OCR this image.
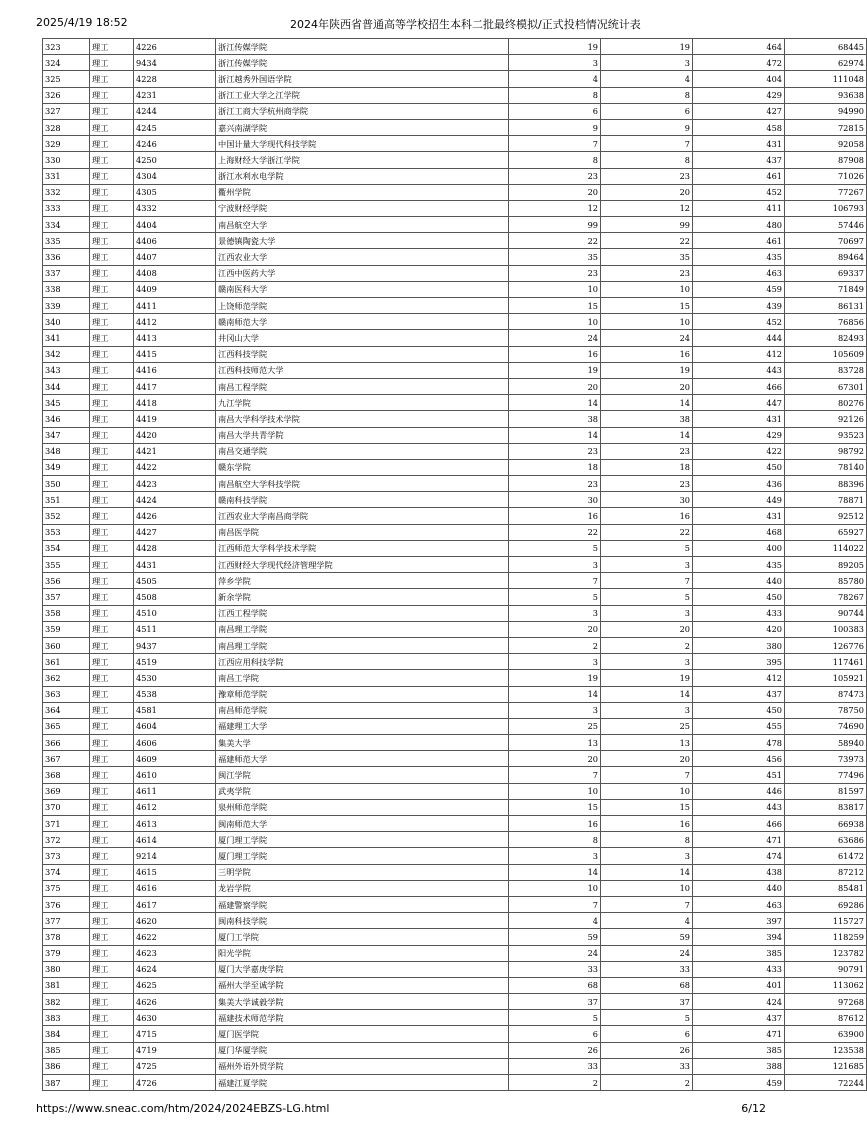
2025/4/19 18:52	2024年陕西省普通高等学校招生本科二批最终模拟/正式投档情况统计表
323	理工	4226	浙江传媒学院	19	19	464	68445
324	理工	9434	浙江传媒学院	3	3	472	62974
325	理工	4228	浙江越秀外国语学院	4	4	404	111048
326	理工	4231	浙江工业大学之江学院	8	8	429	93638
327	理工	4244	浙江工商大学杭州商学院	6	6	427	94990
328	理工	4245	嘉兴南湖学院	9	9	458	72815
329	理工	4246	中国计量大学现代科技学院	7	7	431	92058
330	理工	4250	上海财经大学浙江学院	8	8	437	87908
331	理工	4304	浙江水利水电学院	23	23	461	71026
332	理工	4305	衢州学院	20	20	452	77267
333	理工	4332	宁波财经学院	12	12	411	106793
334	理工	4404	南昌航空大学	99	99	480	57446
335	理工	4406	景德镇陶瓷大学	22	22	461	70697
336	理工	4407	江西农业大学	35	35	435	89464
337	理工	4408	江西中医药大学	23	23	463	69337
338	理工	4409	赣南医科大学	10	10	459	71849
339	理工	4411	上饶师范学院	15	15	439	86131
340	理工	4412	赣南师范大学	10	10	452	76856
341	理工	4413	井冈山大学	24	24	444	82493
342	理工	4415	江西科技学院	16	16	412	105609
343	理工	4416	江西科技师范大学	19	19	443	83728
344	理工	4417	南昌工程学院	20	20	466	67301
345	理工	4418	九江学院	14	14	447	80276
346	理工	4419	南昌大学科学技术学院	38	38	431	92126
347	理工	4420	南昌大学共青学院	14	14	429	93523
348	理工	4421	南昌交通学院	23	23	422	98792
349	理工	4422	赣东学院	18	18	450	78140
350	理工	4423	南昌航空大学科技学院	23	23	436	88396
351	理工	4424	赣南科技学院	30	30	449	78871
352	理工	4426	江西农业大学南昌商学院	16	16	431	92512
353	理工	4427	南昌医学院	22	22	468	65927
354	理工	4428	江西师范大学科学技术学院	5	5	400	114022
355	理工	4431	江西财经大学现代经济管理学院	3	3	435	89205
356	理工	4505	萍乡学院	7	7	440	85780
357	理工	4508	新余学院	5	5	450	78267
358	理工	4510	江西工程学院	3	3	433	90744
359	理工	4511	南昌理工学院	20	20	420	100383
360	理工	9437	南昌理工学院	2	2	380	126776
361	理工	4519	江西应用科技学院	3	3	395	117461
362	理工	4530	南昌工学院	19	19	412	105921
363	理工	4538	豫章师范学院	14	14	437	87473
364	理工	4581	南昌师范学院	3	3	450	78750
365	理工	4604	福建理工大学	25	25	455	74690
366	理工	4606	集美大学	13	13	478	58940
367	理工	4609	福建师范大学	20	20	456	73973
368	理工	4610	闽江学院	7	7	451	77496
369	理工	4611	武夷学院	10	10	446	81597
370	理工	4612	泉州师范学院	15	15	443	83817
371	理工	4613	闽南师范大学	16	16	466	66938
372	理工	4614	厦门理工学院	8	8	471	63686
373	理工	9214	厦门理工学院	3	3	474	61472
374	理工	4615	三明学院	14	14	438	87212
375	理工	4616	龙岩学院	10	10	440	85481
376	理工	4617	福建警察学院	7	7	463	69286
377	理工	4620	闽南科技学院	4	4	397	115727
378	理工	4622	厦门工学院	59	59	394	118259
379	理工	4623	阳光学院	24	24	385	123782
380	理工	4624	厦门大学嘉庚学院	33	33	433	90791
381	理工	4625	福州大学至诚学院	68	68	401	113062
382	理工	4626	集美大学诚毅学院	37	37	424	97268
383	理工	4630	福建技术师范学院	5	5	437	87612
384	理工	4715	厦门医学院	6	6	471	63900
385	理工	4719	厦门华厦学院	26	26	385	123538
386	理工	4725	福州外语外贸学院	33	33	388	121685
387	理工	4726	福建江夏学院	2	2	459	72244
https://www.sneac.com/htm/2024/2024EBZS-LG.html	6/12
